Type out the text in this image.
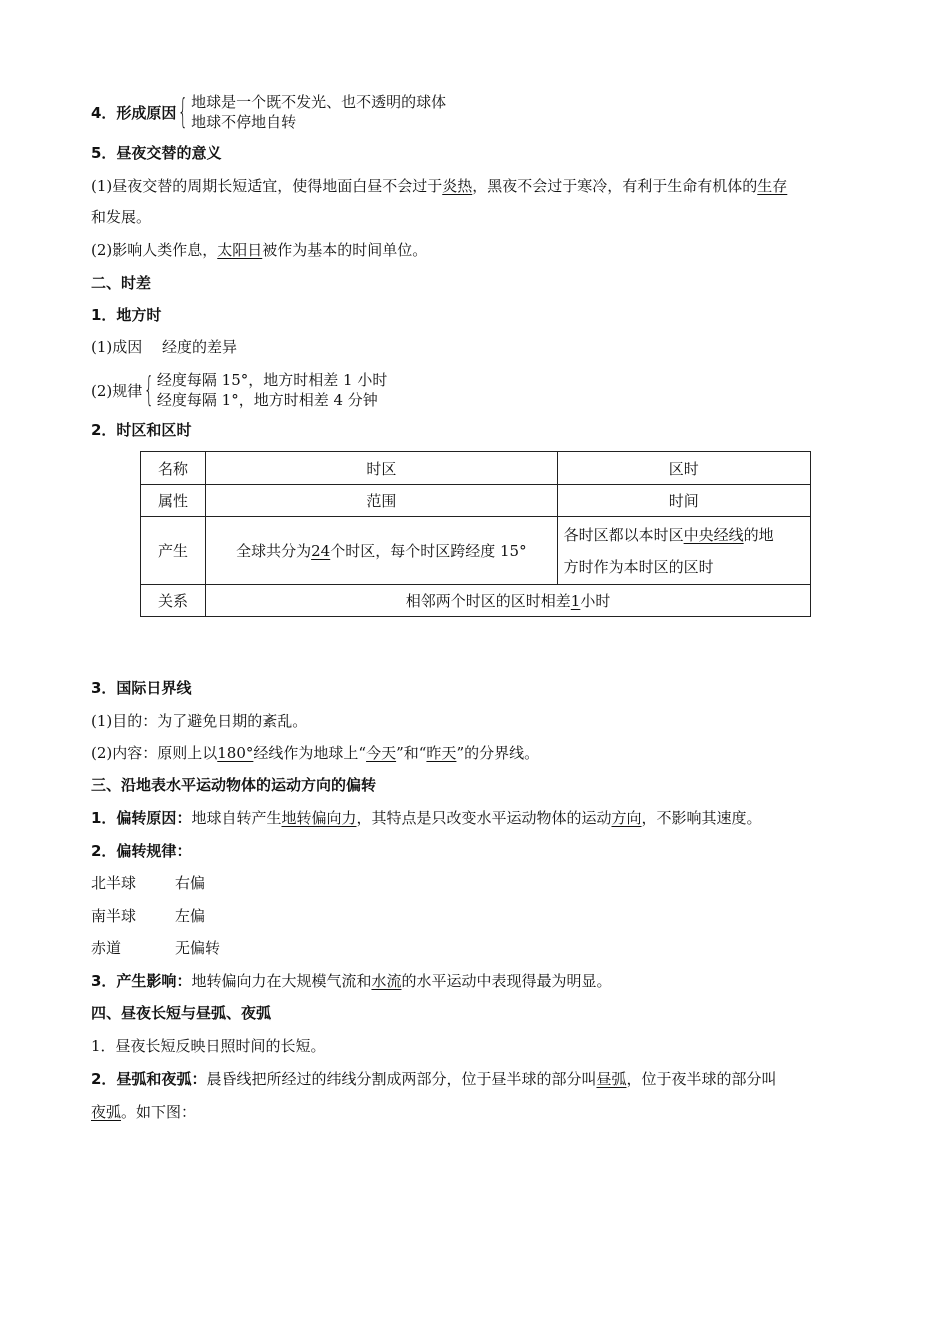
4．形成原因 { 地球是一个既不发光、也不透明的球体
地球不停地自转
5．昼夜交替的意义
(1)昼夜交替的周期长短适宜，使得地面白昼不会过于炎热，黑夜不会过于寒冷，有利于生命有机体的生存
和发展。
(2)影响人类作息，太阳日被作为基本的时间单位。
二、时差
1．地方时
(1)成因　 经度的差异
(2)规律 { 经度每隔 15°，地方时相差 1 小时
经度每隔 1°，地方时相差 4 分钟
2．时区和区时
名称	时区	区时
属性	范围	时间
产生	全球共分为24个时区，每个时区跨经度 15°	各时区都以本时区中央经线的地
方时作为本时区的区时
关系	相邻两个时区的区时相差1小时	
3．国际日界线
(1)目的：为了避免日期的紊乱。
(2)内容：原则上以180°经线作为地球上“今天”和“昨天”的分界线。
三、沿地表水平运动物体的运动方向的偏转
1．偏转原因：地球自转产生地转偏向力，其特点是只改变水平运动物体的运动方向，不影响其速度。
2．偏转规律：
北半球	右偏
南半球	左偏
赤道	无偏转
3．产生影响：地转偏向力在大规模气流和水流的水平运动中表现得最为明显。
四、昼夜长短与昼弧、夜弧
1．昼夜长短反映日照时间的长短。
2．昼弧和夜弧：晨昏线把所经过的纬线分割成两部分，位于昼半球的部分叫昼弧，位于夜半球的部分叫
夜弧。如下图：
